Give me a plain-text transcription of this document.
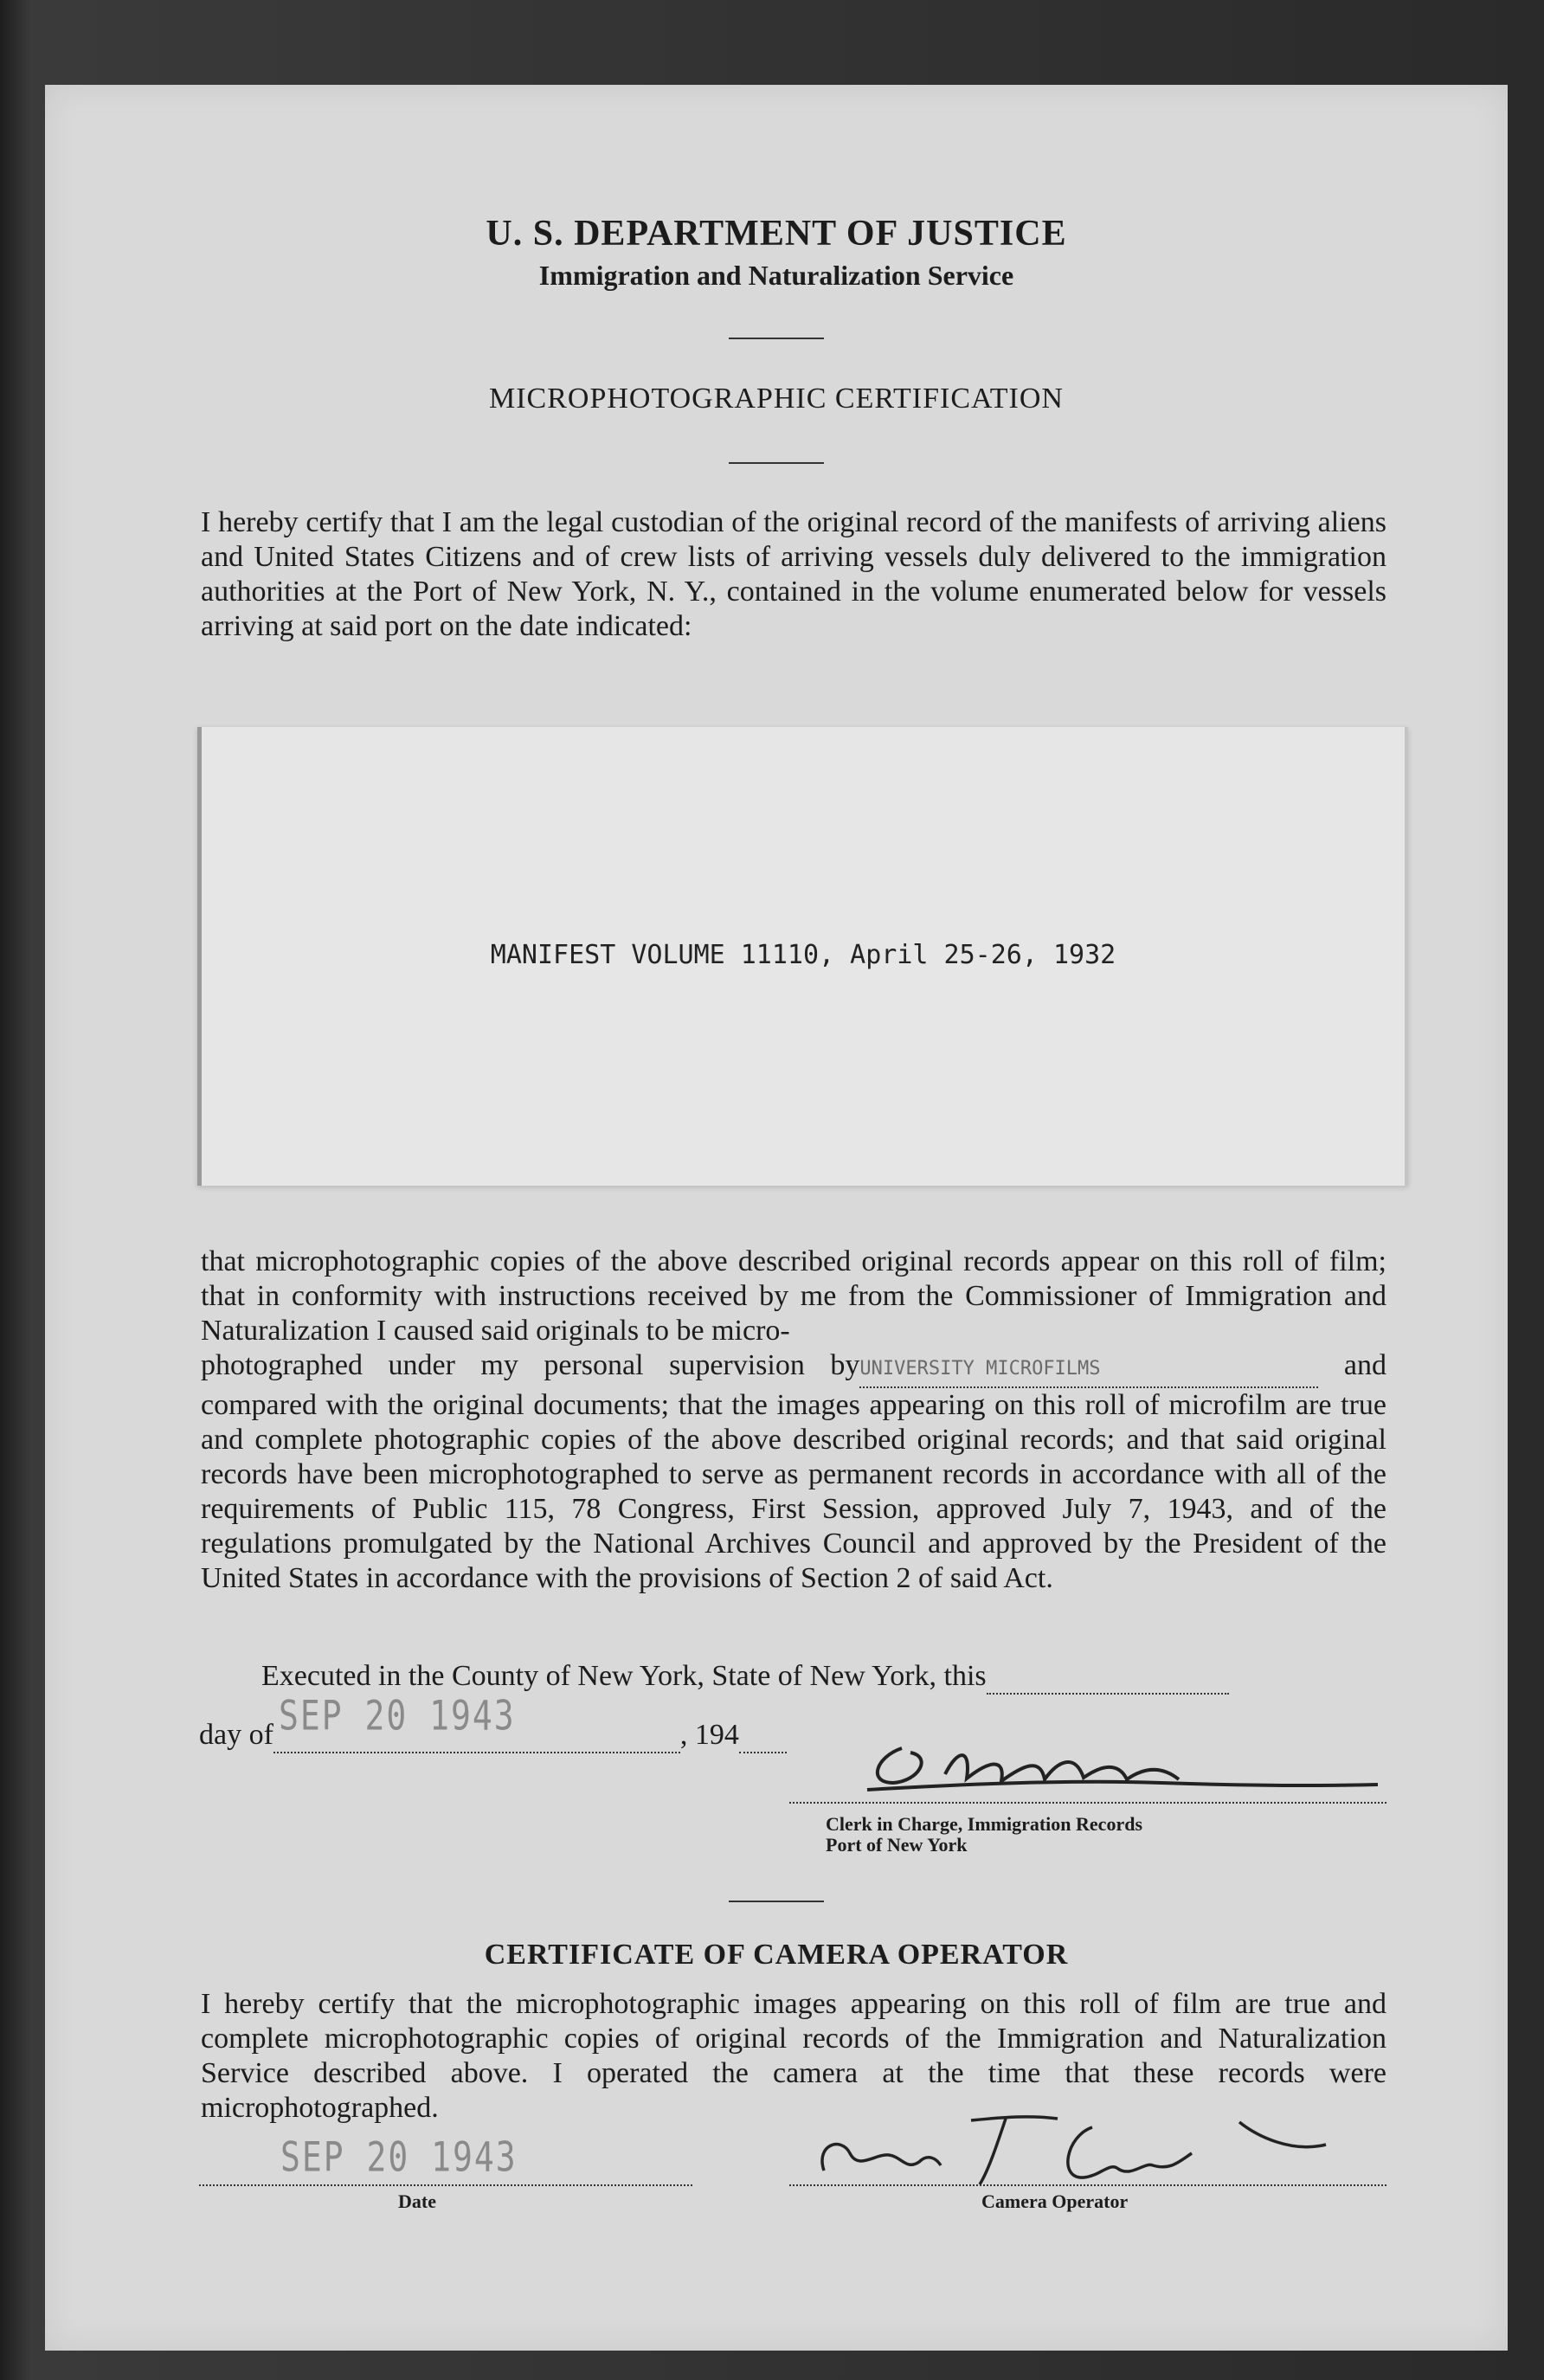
U. S. DEPARTMENT OF JUSTICE
Immigration and Naturalization Service
MICROPHOTOGRAPHIC CERTIFICATION
I hereby certify that I am the legal custodian of the original record of the manifests of arriving aliens and United States Citizens and of crew lists of arriving vessels duly delivered to the immigration authorities at the Port of New York, N. Y., contained in the volume enumerated below for vessels arriving at said port on the date indicated:
MANIFEST VOLUME 11110, April 25-26, 1932
that microphotographic copies of the above described original records appear on this roll of film; that in conformity with instructions received by me from the Commissioner of Immigration and Naturalization I caused said originals to be micro-
photographed under my personal supervision byUNIVERSITY MICROFILMS	and compared with the original documents; that the images appearing on this roll of microfilm are true and complete photographic copies of the above described original records; and that said original records have been microphotographed to serve as permanent records in accordance with all of the requirements of Public 115, 78 Congress, First Session, approved July 7, 1943, and of the regulations promulgated by the National Archives Council and approved by the President of the United States in accordance with the provisions of Section 2 of said Act.
Executed in the County of New York, State of New York, this
day of	, 194
SEP 20 1943
Clerk in Charge, Immigration Records
Port of New York
CERTIFICATE OF CAMERA OPERATOR
I hereby certify that the microphotographic images appearing on this roll of film are true and complete microphotographic copies of original records of the Immigration and Naturalization Service described above. I operated the camera at the time that these records were microphotographed.
SEP 20 1943
Date	Camera Operator
